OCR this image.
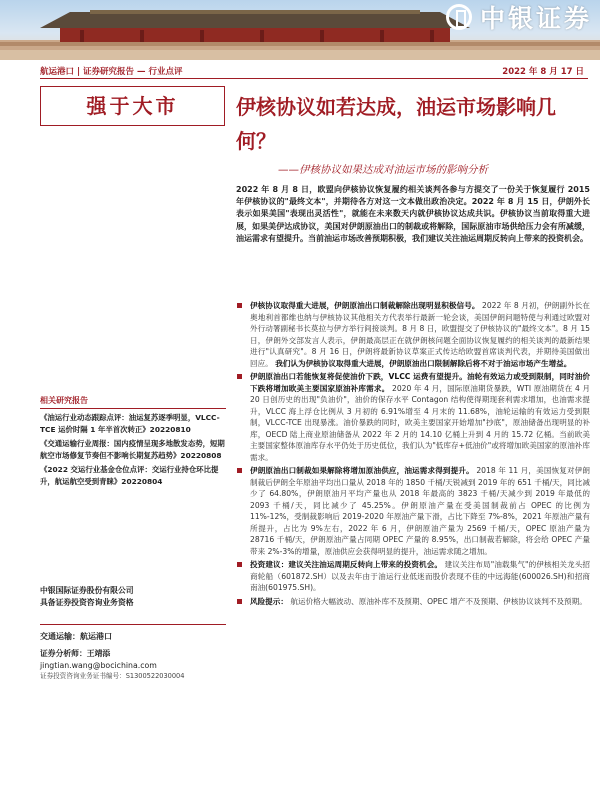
中银证券
航运港口 | 证券研究报告 — 行业点评	2022 年 8 月 17 日
强于大市	伊核协议如若达成，油运市场影响几何？
——伊核协议如果达成对油运市场的影响分析
2022 年 8 月 8 日，欧盟向伊核协议恢复履约相关谈判各参与方提交了一份关于恢复履行 2015 年伊核协议的"最终文本"，并期待各方对这一文本做出政治决定。2022 年 8 月 15 日，伊朗外长表示如果美国"表现出灵活性"，就能在未来数天内就伊核协议达成共识。伊核协议当前取得重大进展，如果美伊达成协议，美国对伊朗原油出口的制裁或将解除，国际原油市场供给压力会有所减缓，油运需求有望提升。当前油运市场改善预期积极，我们建议关注油运周期反转向上带来的投资机会。
伊核协议取得重大进展，伊朗原油出口制裁解除出现明显积极信号。 2022 年 8 月初，伊朗副外长在奥地利首都维也纳与伊核协议其他相关方代表举行最新一轮会谈，美国伊朗问题特使与利通过欧盟对外行动署副秘书长莫拉与伊方举行间接谈判。8 月 8 日，欧盟提交了伊核协议的"最终文本"。8 月 15 日，伊朗外交部发言人表示，伊朗最高层正在就伊朗核问题全面协议恢复履约的相关谈判的最新结果进行"认真研究"。8 月 16 日，伊朗将最新协议草案正式传达给欧盟首席谈判代表，并期待美国做出回应。 我们认为伊核协议取得重大进展，伊朗原油出口限制解除后将不对于油运市场产生增益。
伊朗原油出口若能恢复将促使油价下跌，VLCC 运费有望提升。油轮有效运力或受到限制，同时油价下跌将增加欧美主要国家原油补库需求。 2020 年 4 月，国际原油期货暴跌，WTI 原油期货在 4 月 20 日创历史的出现"负油价"，油价的保存水平 Contagon 结构使得期现套利需求增加，也油需求提升，VLCC 海上浮仓比例从 3 月初的 6.91%增至 4 月末的 11.68%，油轮运输的有效运力受到限制，VLCC-TCE 出现暴涨。油价暴跌的同时，欧美主要国家开始增加"抄底"，原油储备出现明显的补库，OECD 陆上商业原油储备从 2022 年 2 月的 14.10 亿桶上升到 4 月的 15.72 亿桶。当前欧美主要国家整体原油库存水平仍处于历史低位，我们认为"低库存+低油价"或将增加欧美国家的原油补库需求。
伊朗原油出口制裁如果解除将增加原油供应，油运需求得到提升。 2018 年 11 月，美国恢复对伊朗制裁后伊朗全年原油平均出口量从 2018 年的 1850 千桶/天锐减到 2019 年的 651 千桶/天，同比减少了 64.80%，伊朗原油月平均产量也从 2018 年最高的 3823 千桶/天减少到 2019 年最低的 2093 千桶/天，同比减少了 45.25%。伊朗原油产量在受美国制裁前占 OPEC 的比例为 11%-12%，受制裁影响后 2019-2020 年原油产量下滑，占比下降至 7%-8%，2021 年原油产量有所提升，占比为 9%左右，2022 年 6 月，伊朗原油产量为 2569 千桶/天，OPEC 原油产量为 28716 千桶/天，伊朗原油产量占同期 OPEC 产量的 8.95%，出口制裁若解除，将会给 OPEC 产量带来 2%-3%的增量，原油供应会获得明显的提升，油运需求随之增加。
投资建议：建议关注油运周期反转向上带来的投资机会。 建议关注布局"油载集气"的伊核相关龙头招商轮船（601872.SH）以及去年由于油运行业低迷而股价表现不佳的中远海能(600026.SH)和招商南油(601975.SH)。
风险提示： 航运价格大幅波动、原油补库不及预期、OPEC 增产不及预期、伊核协议谈判不及预期。
相关研究报告
《油运行业动态跟踪点评：油运复苏逐季明显，VLCC-TCE 运价时隔 1 年半首次转正》20220810
《交通运输行业周报：国内疫情呈现多地散发态势，短期航空市场修复节奏但不影响长期复苏趋势》20220808
《2022 交运行业基金仓位点评：交运行业持仓环比提升，航运航空受到青睐》20220804
中银国际证券股份有限公司
具备证券投资咨询业务资格
交通运输：航运港口
证券分析师：王靖添
jingtian.wang@bocichina.com
证券投资咨询业务证书编号：S1300522030004
